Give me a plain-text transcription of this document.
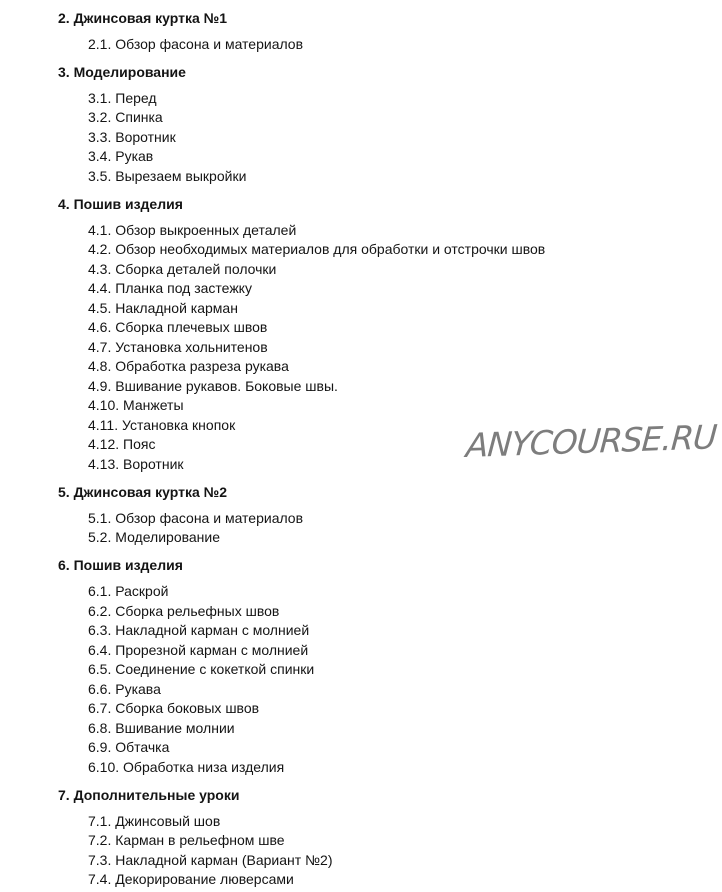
2. Джинсовая куртка №1
2.1. Обзор фасона и материалов
3. Моделирование
3.1. Перед
3.2. Спинка
3.3. Воротник
3.4. Рукав
3.5. Вырезаем выкройки
4. Пошив изделия
4.1. Обзор выкроенных деталей
4.2. Обзор необходимых материалов для обработки и отстрочки швов
4.3. Сборка деталей полочки
4.4. Планка под застежку
4.5. Накладной карман
4.6. Сборка плечевых швов
4.7. Установка хольнитенов
4.8. Обработка разреза рукава
4.9. Вшивание рукавов. Боковые швы.
4.10. Манжеты
4.11. Установка кнопок
4.12. Пояс
4.13. Воротник
5. Джинсовая куртка №2
5.1. Обзор фасона и материалов
5.2. Моделирование
6. Пошив изделия
6.1. Раскрой
6.2. Сборка рельефных швов
6.3. Накладной карман с молнией
6.4. Прорезной карман с молнией
6.5. Соединение с кокеткой спинки
6.6. Рукава
6.7. Сборка боковых швов
6.8. Вшивание молнии
6.9. Обтачка
6.10. Обработка низа изделия
7. Дополнительные уроки
7.1. Джинсовый шов
7.2. Карман в рельефном шве
7.3. Накладной карман (Вариант №2)
7.4. Декорирование люверсами
ANYCOURSE.RU
